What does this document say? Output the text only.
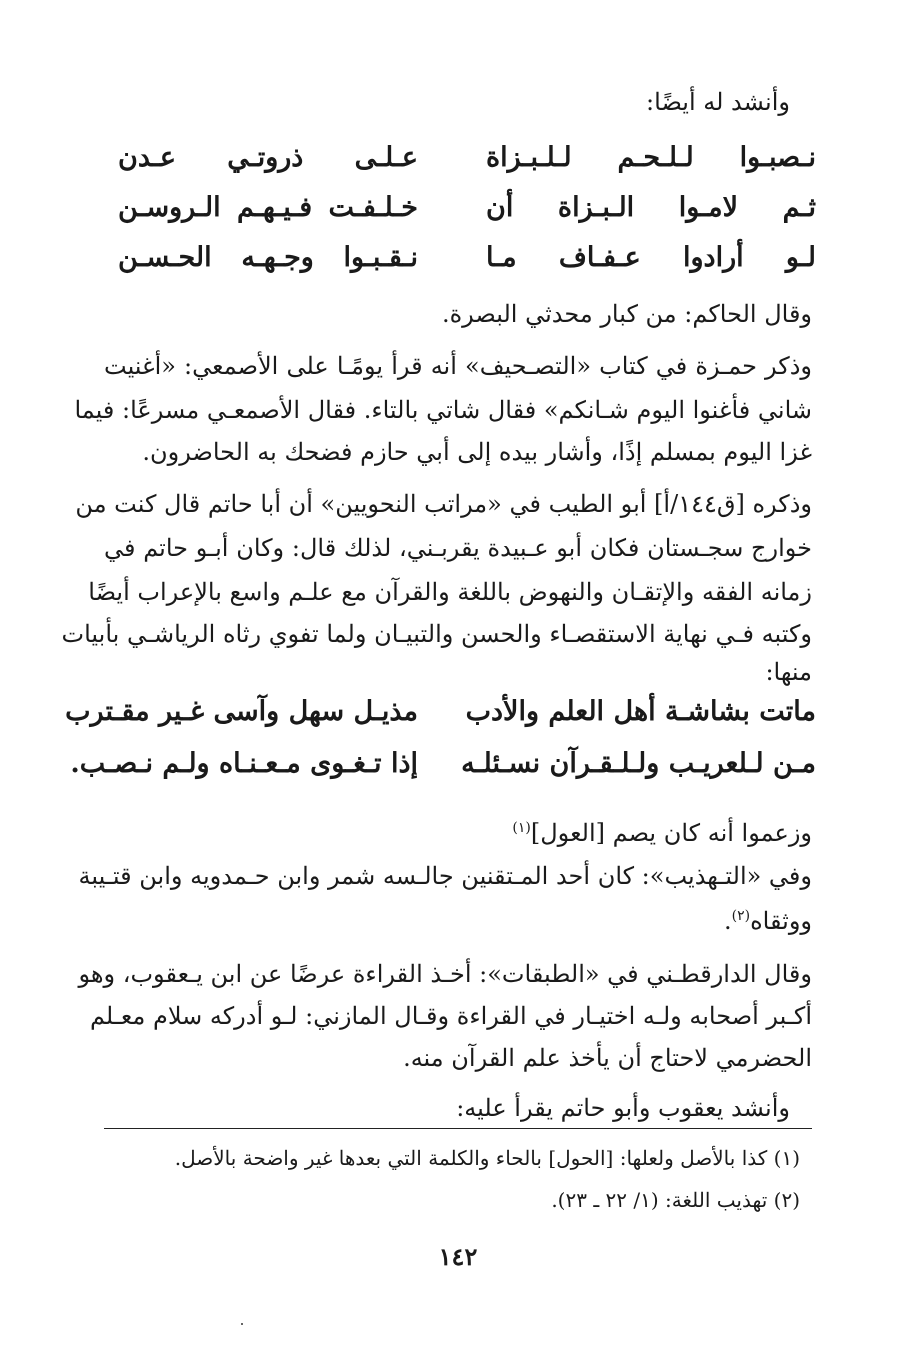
وأنشد له أيضًا:
نـصبـوا لـلـحـم لـلـبـزاة
عـلـى ذروتـي عـدن
ثـم لامـوا الـبـزاة أن
خـلـفـت فـيـهـم الـروسـن
لـو أرادوا عـفـاف مـا
نـقـبـوا وجـهـه الحـسـن
وقال الحاكم: من كبار محدثي البصرة.
وذكر حمـزة في كتاب «التصـحيف» أنه قرأ يومًـا على الأصمعي: «أغنيت
شاني فأغنوا اليوم شـانكم» فقال شاتي بالتاء. فقال الأصمعـي مسرعًا: فيما
غزا اليوم بمسلم إذًا، وأشار بيده إلى أبي حازم فضحك به الحاضرون.
وذكره [ق١٤٤/أ] أبو الطيب في «مراتب النحويين» أن أبا حاتم قال كنت من
خوارج سجـستان فكان أبو عـبيدة يقربـني، لذلك قال: وكان أبـو حاتم في
زمانه الفقه والإتقـان والنهوض باللغة والقرآن مع علـم واسع بالإعراب أيضًا
وكتبه فـي نهاية الاستقصـاء والحسن والتبيـان ولما تفوي رثاه الرياشـي بأبيات
منها:
ماتت بشاشـة أهل العلم والأدب
مذيـل سهل وآسى غـير مقـترب
مـن لـلعريـب ولـلـقـرآن نسـئلـه
إذا تـغـوى مـعـنـاه ولـم نـصـب.
وزعموا أنه كان يصم [العول]$^{(١)}$
وفي «التـهذيب»: كان أحد المـتقنين جالـسه شمر وابن حـمدويه وابن قتـيبة
ووثقاه$^{(٢)}$.
وقال الدارقطـني في «الطبقات»: أخـذ القراءة عرضًا عن ابن يـعقوب، وهو
أكـبر أصحابه ولـه اختيـار في القراءة وقـال المازني: لـو أدركه سلام معـلم
الحضرمي لاحتاج أن يأخذ علم القرآن منه.
وأنشد يعقوب وأبو حاتم يقرأ عليه:
(١) كذا بالأصل ولعلها: [الحول] بالحاء والكلمة التي بعدها غير واضحة بالأصل.
(٢) تهذيب اللغة: (١/ ٢٢ ـ ٢٣).
١٤٢
